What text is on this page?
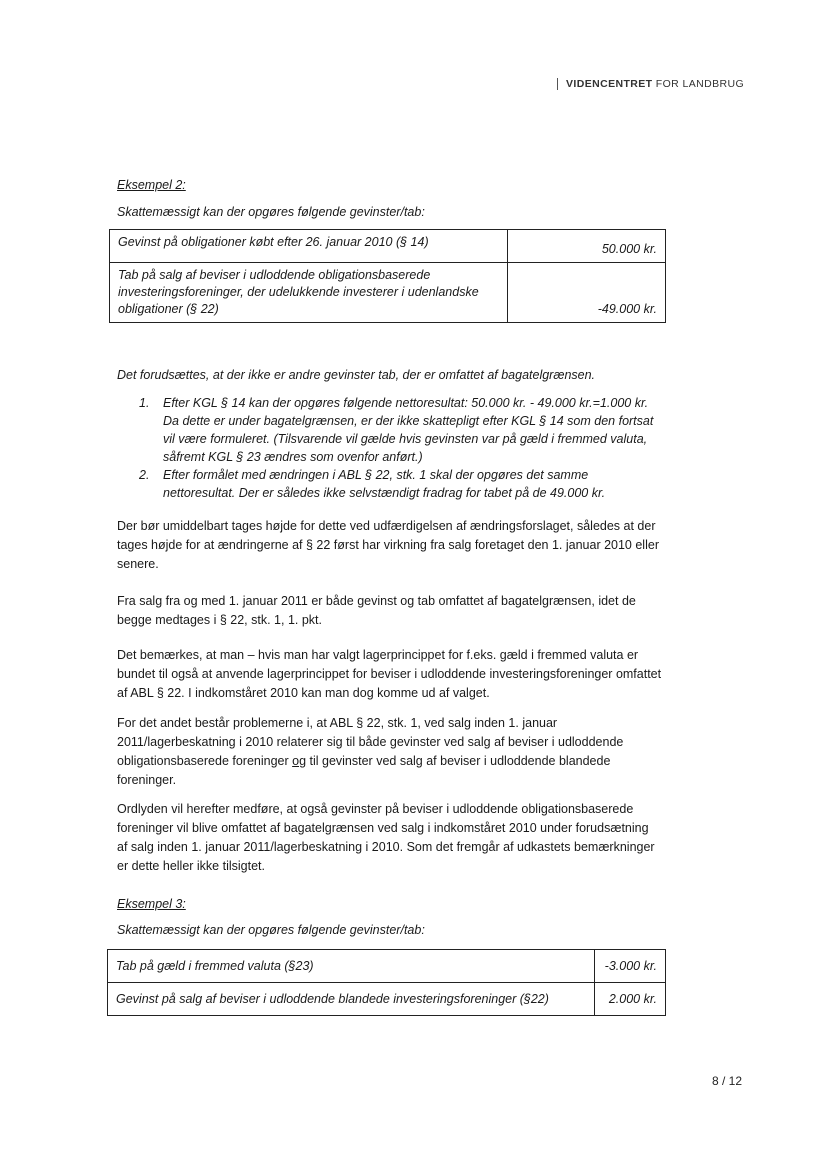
VIDENCENTRET FOR LANDBRUG
Eksempel 2:
Skattemæssigt kan der opgøres følgende gevinster/tab:
Gevinst på obligationer købt efter 26. januar 2010 (§ 14)	50.000 kr.
Tab på salg af beviser i udloddende obligationsbaserede investeringsforeninger, der udelukkende investerer i udenlandske obligationer (§ 22)	-49.000 kr.
Det forudsættes, at der ikke er andre gevinster tab, der er omfattet af bagatelgrænsen.
1. Efter KGL § 14 kan der opgøres følgende nettoresultat: 50.000 kr. - 49.000 kr.=1.000 kr. Da dette er under bagatelgrænsen, er der ikke skattepligt efter KGL § 14 som den fortsat vil være formuleret. (Tilsvarende vil gælde hvis gevinsten var på gæld i fremmed valuta, såfremt KGL § 23 ændres som ovenfor anført.)
2. Efter formålet med ændringen i ABL § 22, stk. 1 skal der opgøres det samme nettoresultat. Der er således ikke selvstændigt fradrag for tabet på de 49.000 kr.

Der bør umiddelbart tages højde for dette ved udfærdigelsen af ændringsforslaget, således at der tages højde for at ændringerne af § 22 først har virkning fra salg foretaget den 1. januar 2010 eller senere.

Fra salg fra og med 1. januar 2011 er både gevinst og tab omfattet af bagatelgrænsen, idet de begge medtages i § 22, stk. 1, 1. pkt.

Det bemærkes, at man – hvis man har valgt lagerprincippet for f.eks. gæld i fremmed valuta er bundet til også at anvende lagerprincippet for beviser i udloddende investeringsforeninger omfattet af ABL § 22. I indkomståret 2010 kan man dog komme ud af valget.

For det andet består problemerne i, at ABL § 22, stk. 1, ved salg inden 1. januar 2011/lagerbeskatning i 2010 relaterer sig til både gevinster ved salg af beviser i udloddende obligationsbaserede foreninger og til gevinster ved salg af beviser i udloddende blandede foreninger.

Ordlyden vil herefter medføre, at også gevinster på beviser i udloddende obligationsbaserede foreninger vil blive omfattet af bagatelgrænsen ved salg i indkomståret 2010 under forudsætning af salg inden 1. januar 2011/lagerbeskatning i 2010. Som det fremgår af udkastets bemærkninger er dette heller ikke tilsigtet.

Eksempel 3:
Skattemæssigt kan der opgøres følgende gevinster/tab:
Tab på gæld i fremmed valuta (§23)	-3.000 kr.
Gevinst på salg af beviser i udloddende blandede investeringsforeninger (§22)	2.000 kr.
8 / 12
